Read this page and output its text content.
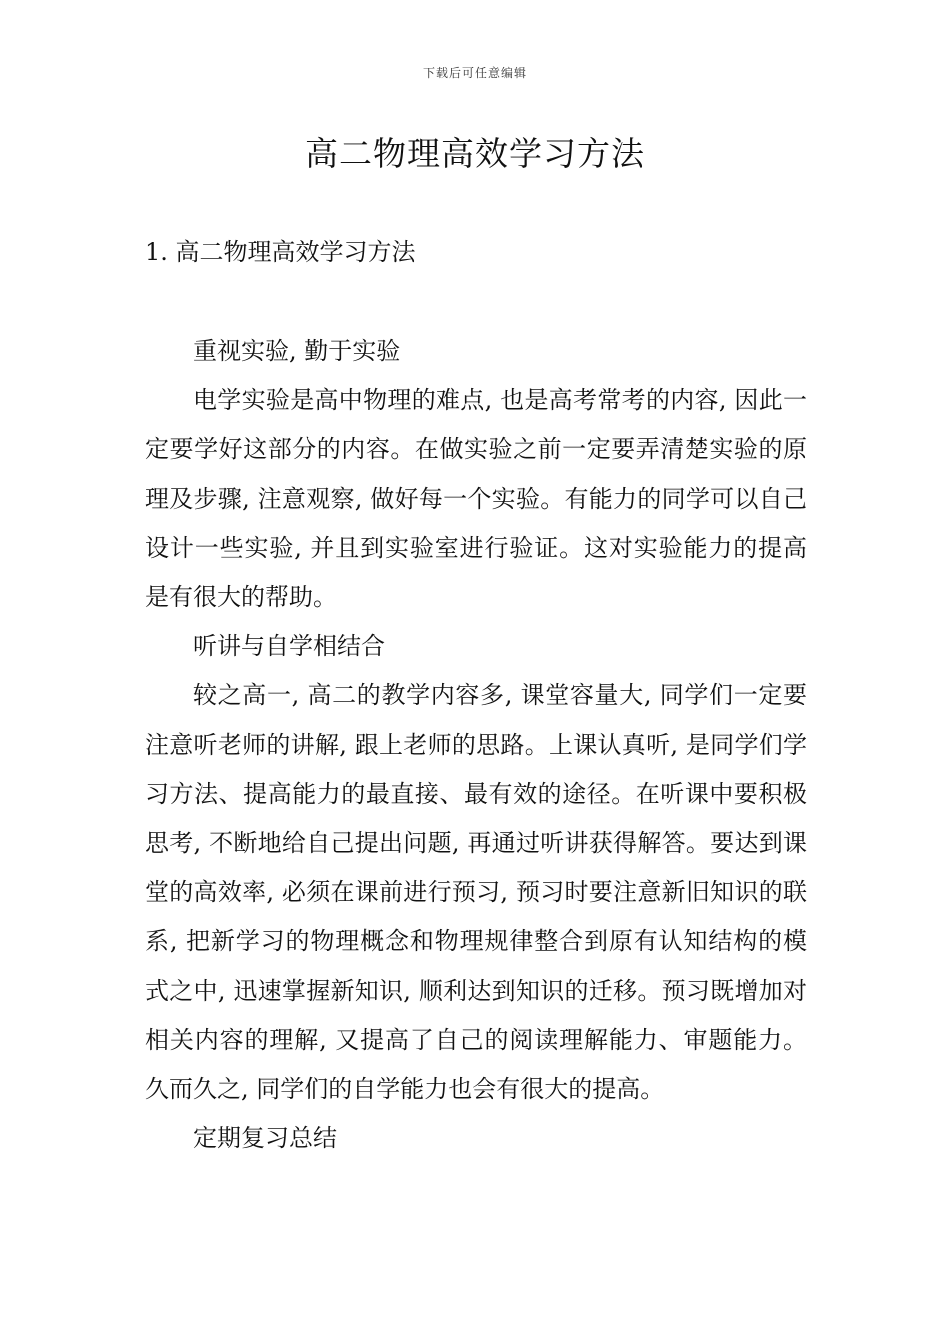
下载后可任意编辑
高二物理高效学习方法
1. 高二物理高效学习方法

重视实验, 勤于实验

电学实验是高中物理的难点, 也是高考常考的内容, 因此一定要学好这部分的内容。在做实验之前一定要弄清楚实验的原理及步骤, 注意观察, 做好每一个实验。有能力的同学可以自己设计一些实验, 并且到实验室进行验证。这对实验能力的提高是有很大的帮助。

听讲与自学相结合

较之高一, 高二的教学内容多, 课堂容量大, 同学们一定要注意听老师的讲解, 跟上老师的思路。上课认真听, 是同学们学习方法、提高能力的最直接、最有效的途径。在听课中要积极思考, 不断地给自己提出问题, 再通过听讲获得解答。要达到课堂的高效率, 必须在课前进行预习, 预习时要注意新旧知识的联系, 把新学习的物理概念和物理规律整合到原有认知结构的模式之中, 迅速掌握新知识, 顺利达到知识的迁移。预习既增加对相关内容的理解, 又提高了自己的阅读理解能力、审题能力。久而久之, 同学们的自学能力也会有很大的提高。

定期复习总结
